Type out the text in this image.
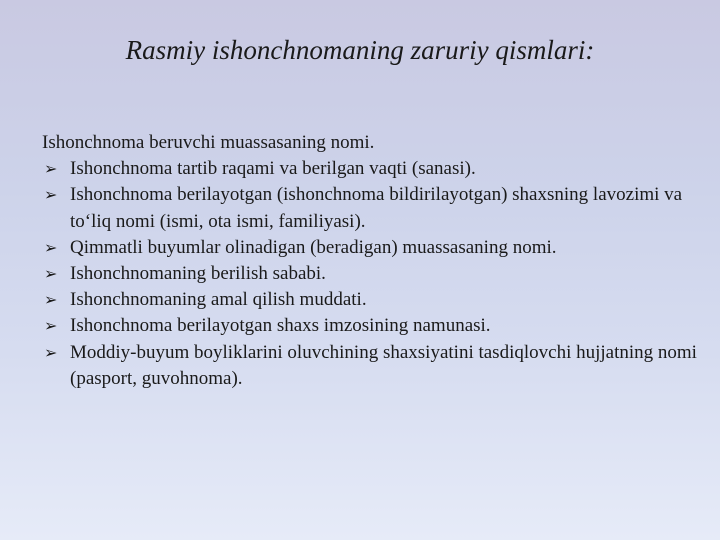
Rasmiy ishonchnomaning zaruriy qismlari:

Ishonchnoma beruvchi muassasaning nomi.

➢ Ishonchnoma tartib raqami va berilgan vaqti (sanasi).
➢ Ishonchnoma berilayotgan (ishonchnoma bildirilayotgan) shaxsning lavozimi va to‘liq nomi (ismi, ota ismi, familiyasi).
➢ Qimmatli buyumlar olinadigan (beradigan) muassasaning nomi.
➢ Ishonchnomaning berilish sababi.
➢ Ishonchnomaning amal qilish muddati.
➢ Ishonchnoma berilayotgan shaxs imzosining namunasi.
➢ Moddiy-buyum boyliklarini oluvchining shaxsiyatini tasdiqlovchi hujjatning nomi (pasport, guvohnoma).
